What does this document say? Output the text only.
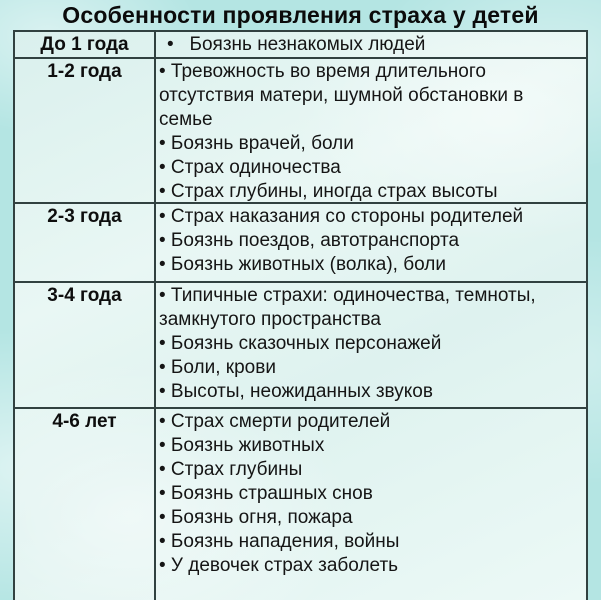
Особенности проявления страха у детей
До 1 года	•   Боязнь незнакомых людей
1-2 года	• Тревожность во время длительного отсутствия матери, шумной обстановки в семье
• Боязнь врачей, боли
• Страх одиночества
• Страх глубины, иногда страх высоты
2-3 года	• Страх наказания со стороны родителей
• Боязнь поездов, автотранспорта
• Боязнь животных (волка), боли
3-4 года	• Типичные страхи: одиночества, темноты, замкнутого пространства
• Боязнь сказочных персонажей
• Боли, крови
• Высоты, неожиданных звуков
4-6 лет	• Страх смерти родителей
• Боязнь животных
• Страх глубины
• Боязнь страшных снов
• Боязнь огня, пожара
• Боязнь нападения, войны
• У девочек страх заболеть
